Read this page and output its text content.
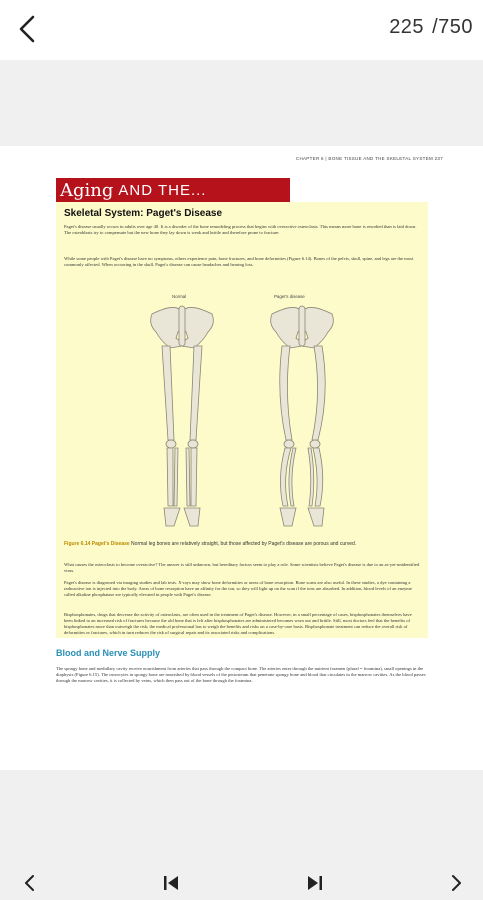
225 /750
CHAPTER 6 | BONE TISSUE AND THE SKELETAL SYSTEM 237
Aging AND THE...
Skeletal System: Paget's Disease
Paget's disease usually occurs in adults over age 40. It is a disorder of the bone remodeling process that begins with overactive osteoclasts. This means more bone is resorbed than is laid down. The osteoblasts try to compensate but the new bone they lay down is weak and brittle and therefore prone to fracture.
While some people with Paget's disease have no symptoms, others experience pain, bone fractures, and bone deformities (Figure 6.14). Bones of the pelvis, skull, spine, and legs are the most commonly affected. When occurring in the skull, Paget's disease can cause headaches and hearing loss.
Normal	Paget's disease
Figure 6.14 Paget's Disease Normal leg bones are relatively straight, but those affected by Paget's disease are porous and curved.
What causes the osteoclasts to become overactive? The answer is still unknown, but hereditary factors seem to play a role. Some scientists believe Paget's disease is due to an as-yet-unidentified virus.
Paget's disease is diagnosed via imaging studies and lab tests. X-rays may show bone deformities or areas of bone resorption. Bone scans are also useful. In these studies, a dye containing a radioactive ion is injected into the body. Areas of bone resorption have an affinity for the ion, so they will light up on the scan if the ions are absorbed. In addition, blood levels of an enzyme called alkaline phosphatase are typically elevated in people with Paget's disease.
Bisphosphonates, drugs that decrease the activity of osteoclasts, are often used in the treatment of Paget's disease. However, in a small percentage of cases, bisphosphonates themselves have been linked to an increased risk of fractures because the old bone that is left after bisphosphonates are administered becomes worn out and brittle. Still, most doctors feel that the benefits of bisphosphonates more than outweigh the risk; the medical professional has to weigh the benefits and risks on a case-by-case basis. Bisphosphonate treatment can reduce the overall risk of deformities or fractures, which in turn reduces the risk of surgical repair and its associated risks and complications.
Blood and Nerve Supply
The spongy bone and medullary cavity receive nourishment from arteries that pass through the compact bone. The arteries enter through the nutrient foramen (plural = foramina), small openings in the diaphysis (Figure 6.15). The osteocytes in spongy bone are nourished by blood vessels of the periosteum that penetrate spongy bone and blood that circulates in the marrow cavities. As the blood passes through the marrow cavities, it is collected by veins, which then pass out of the bone through the foramina.
